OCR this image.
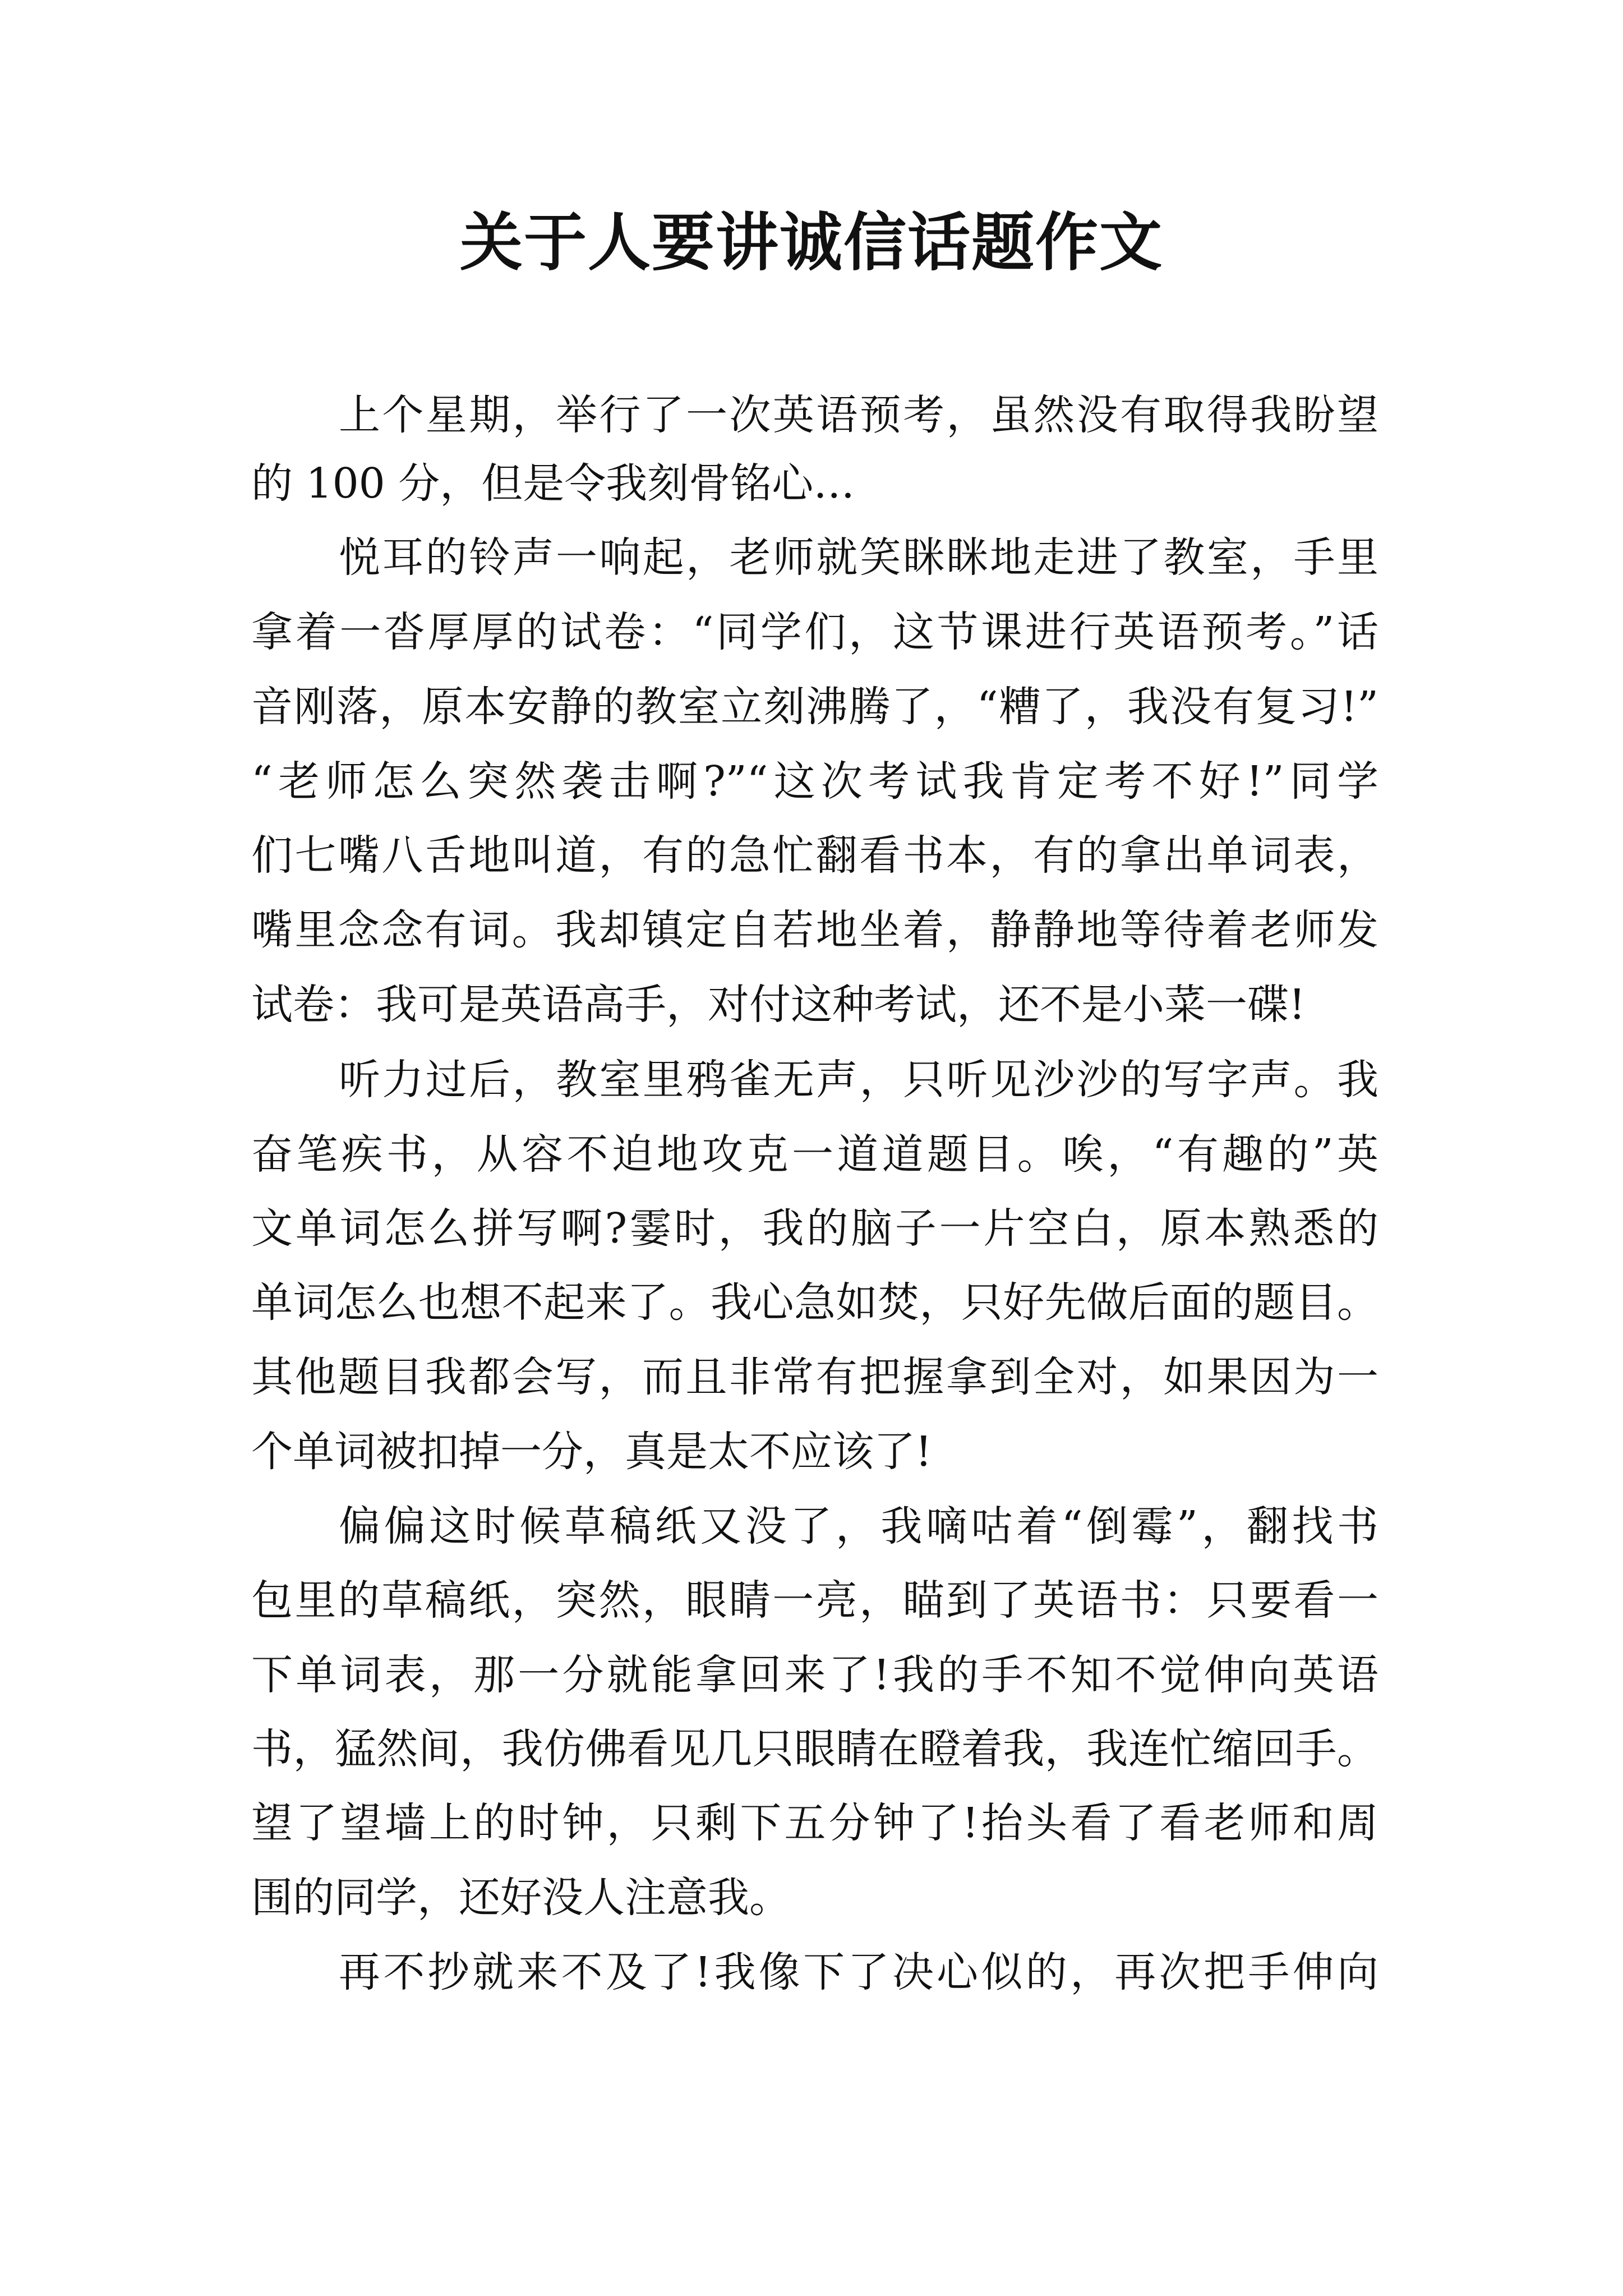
关于人要讲诚信话题作文
上个星期，举行了一次英语预考，虽然没有取得我盼望
的 100 分，但是令我刻骨铭心…
悦耳的铃声一响起，老师就笑眯眯地走进了教室，手里
拿着一沓厚厚的试卷：“同学们，这节课进行英语预考。”话
音刚落，原本安静的教室立刻沸腾了，“糟了，我没有复习!”
“老师怎么突然袭击啊?”“这次考试我肯定考不好!”同学
们七嘴八舌地叫道，有的急忙翻看书本，有的拿出单词表，
嘴里念念有词。我却镇定自若地坐着，静静地等待着老师发
试卷：我可是英语高手，对付这种考试，还不是小菜一碟!
听力过后，教室里鸦雀无声，只听见沙沙的写字声。我
奋笔疾书，从容不迫地攻克一道道题目。唉，“有趣的”英
文单词怎么拼写啊?霎时，我的脑子一片空白，原本熟悉的
单词怎么也想不起来了。我心急如焚，只好先做后面的题目。
其他题目我都会写，而且非常有把握拿到全对，如果因为一
个单词被扣掉一分，真是太不应该了!
偏偏这时候草稿纸又没了，我嘀咕着“倒霉”，翻找书
包里的草稿纸，突然，眼睛一亮，瞄到了英语书：只要看一
下单词表，那一分就能拿回来了!我的手不知不觉伸向英语
书，猛然间，我仿佛看见几只眼睛在瞪着我，我连忙缩回手。
望了望墙上的时钟，只剩下五分钟了!抬头看了看老师和周
围的同学，还好没人注意我。
再不抄就来不及了!我像下了决心似的，再次把手伸向
